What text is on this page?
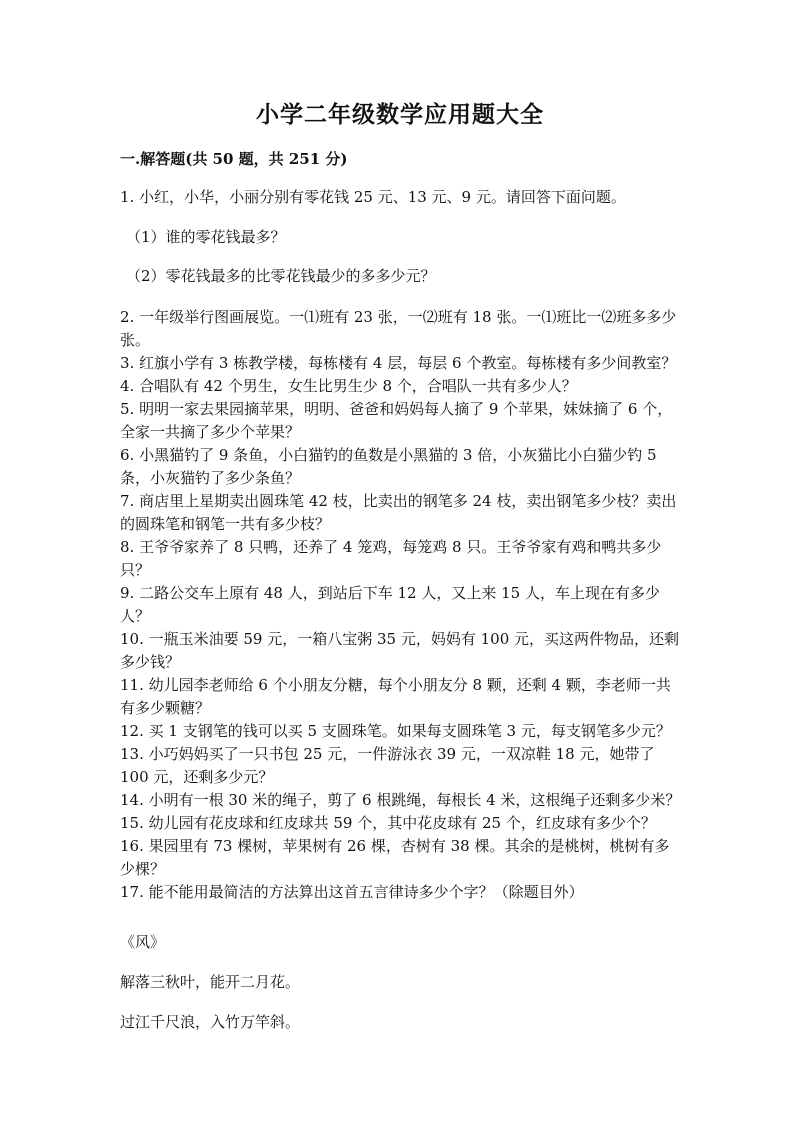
小学二年级数学应用题大全
一.解答题(共 50 题，共 251 分)

1. 小红，小华，小丽分别有零花钱 25 元、13 元、9 元。请回答下面问题。

（1）谁的零花钱最多？

（2）零花钱最多的比零花钱最少的多多少元？

2. 一年级举行图画展览。一⑴班有 23 张，一⑵班有 18 张。一⑴班比一⑵班多多少张。

3. 红旗小学有 3 栋教学楼，每栋楼有 4 层，每层 6 个教室。每栋楼有多少间教室？

4. 合唱队有 42 个男生，女生比男生少 8 个，合唱队一共有多少人？

5. 明明一家去果园摘苹果，明明、爸爸和妈妈每人摘了 9 个苹果，妹妹摘了 6 个，全家一共摘了多少个苹果？

6. 小黑猫钓了 9 条鱼，小白猫钓的鱼数是小黑猫的 3 倍，小灰猫比小白猫少钓 5 条，小灰猫钓了多少条鱼？

7. 商店里上星期卖出圆珠笔 42 枝，比卖出的钢笔多 24 枝，卖出钢笔多少枝？卖出的圆珠笔和钢笔一共有多少枝？

8. 王爷爷家养了 8 只鸭，还养了 4 笼鸡，每笼鸡 8 只。王爷爷家有鸡和鸭共多少只？

9. 二路公交车上原有 48 人，到站后下车 12 人，又上来 15 人，车上现在有多少人？

10. 一瓶玉米油要 59 元，一箱八宝粥 35 元，妈妈有 100 元，买这两件物品，还剩多少钱？

11. 幼儿园李老师给 6 个小朋友分糖，每个小朋友分 8 颗，还剩 4 颗，李老师一共有多少颗糖？

12. 买 1 支钢笔的钱可以买 5 支圆珠笔。如果每支圆珠笔 3 元，每支钢笔多少元？

13. 小巧妈妈买了一只书包 25 元，一件游泳衣 39 元，一双凉鞋 18 元，她带了 100 元，还剩多少元？

14. 小明有一根 30 米的绳子，剪了 6 根跳绳，每根长 4 米，这根绳子还剩多少米？

15. 幼儿园有花皮球和红皮球共 59 个，其中花皮球有 25 个，红皮球有多少个？

16. 果园里有 73 棵树，苹果树有 26 棵，杏树有 38 棵。其余的是桃树，桃树有多少棵？

17. 能不能用最简洁的方法算出这首五言律诗多少个字？（除题目外）

《风》

解落三秋叶，能开二月花。

过江千尺浪，入竹万竿斜。
